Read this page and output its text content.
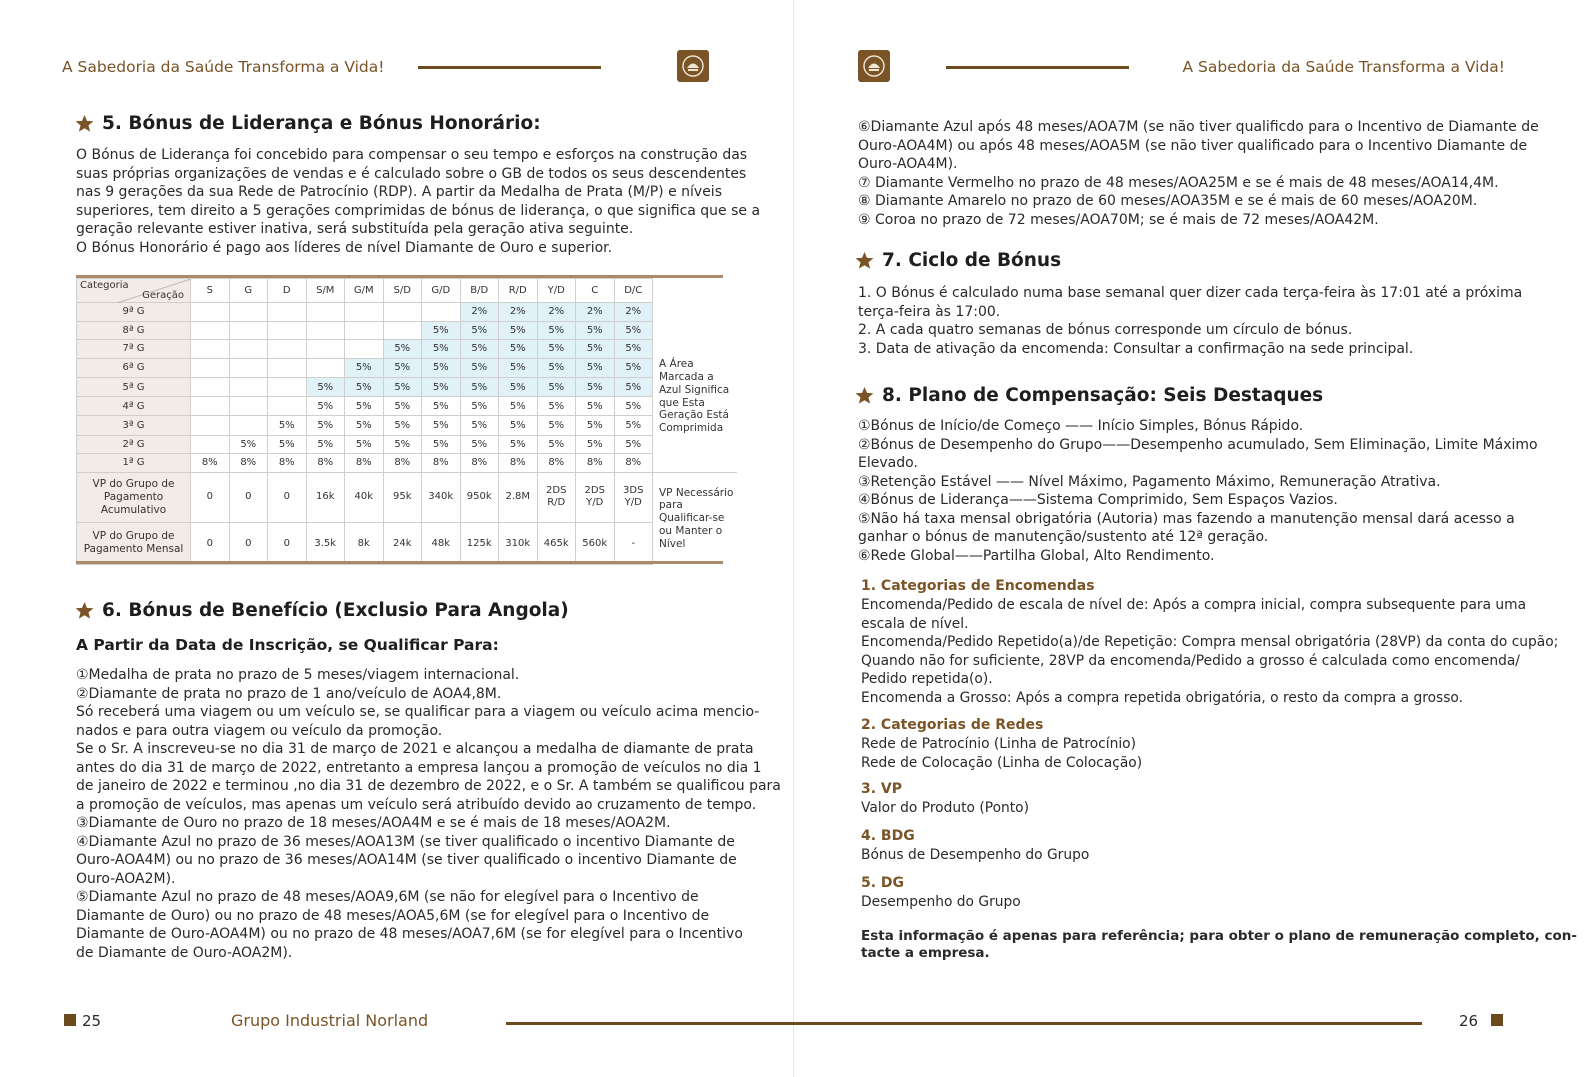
A Sabedoria da Saúde Transforma a Vida!
5. Bónus de Liderança e Bónus Honorário:
O Bónus de Liderança foi concebido para compensar o seu tempo e esforços na construção das
suas próprias organizações de vendas e é calculado sobre o GB de todos os seus descendentes
nas 9 gerações da sua Rede de Patrocínio (RDP). A partir da Medalha de Prata (M/P) e níveis
superiores, tem direito a 5 gerações comprimidas de bónus de liderança, o que significa que se a
geração relevante estiver inativa, será substituída pela geração ativa seguinte.
O Bónus Honorário é pago aos líderes de nível Diamante de Ouro e superior.
Categoria
Geração	S	G	D	S/M	G/M	S/D	G/D	B/D	R/D	Y/D	C	D/C	
9ª G								2%	2%	2%	2%	2%	
8ª G							5%	5%	5%	5%	5%	5%	
7ª G						5%	5%	5%	5%	5%	5%	5%	
6ª G					5%	5%	5%	5%	5%	5%	5%	5%	A Área Marcada a Azul Significa que Esta Geração Está Comprimida
5ª G				5%	5%	5%	5%	5%	5%	5%	5%	5%	
4ª G				5%	5%	5%	5%	5%	5%	5%	5%	5%	
3ª G			5%	5%	5%	5%	5%	5%	5%	5%	5%	5%	
2ª G		5%	5%	5%	5%	5%	5%	5%	5%	5%	5%	5%	
1ª G	8%	8%	8%	8%	8%	8%	8%	8%	8%	8%	8%	8%	
VP do Grupo de Pagamento Acumulativo	0	0	0	16k	40k	95k	340k	950k	2.8M	2DS R/D	2DS Y/D	3DS Y/D	VP Necessário para Qualificar-se ou Manter o Nível
VP do Grupo de Pagamento Mensal	0	0	0	3.5k	8k	24k	48k	125k	310k	465k	560k	-	
6. Bónus de Benefício (Exclusio Para Angola)
A Partir da Data de Inscrição, se Qualificar Para:
①Medalha de prata no prazo de 5 meses/viagem internacional.
②Diamante de prata no prazo de 1 ano/veículo de AOA4,8M.
Só receberá uma viagem ou um veículo se, se qualificar para a viagem ou veículo acima mencio-
nados e para outra viagem ou veículo da promoção.
Se o Sr. A inscreveu-se no dia 31 de março de 2021 e alcançou a medalha de diamante de prata
antes do dia 31 de março de 2022, entretanto a empresa lançou a promoção de veículos no dia 1
de janeiro de 2022 e terminou ,no dia 31 de dezembro de 2022, e o Sr. A também se qualificou para
a promoção de veículos, mas apenas um veículo será atribuído devido ao cruzamento de tempo.
③Diamante de Ouro no prazo de 18 meses/AOA4M e se é mais de 18 meses/AOA2M.
④Diamante Azul no prazo de 36 meses/AOA13M (se tiver qualificado o incentivo Diamante de
Ouro-AOA4M) ou no prazo de 36 meses/AOA14M (se tiver qualificado o incentivo Diamante de
Ouro-AOA2M).
⑤Diamante Azul no prazo de 48 meses/AOA9,6M (se não for elegível para o Incentivo de
Diamante de Ouro) ou no prazo de 48 meses/AOA5,6M (se for elegível para o Incentivo de
Diamante de Ouro-AOA4M) ou no prazo de 48 meses/AOA7,6M (se for elegível para o Incentivo
de Diamante de Ouro-AOA2M).
25	Grupo Industrial Norland
A Sabedoria da Saúde Transforma a Vida!
⑥Diamante Azul após 48 meses/AOA7M (se não tiver qualificdo para o Incentivo de Diamante de
Ouro-AOA4M) ou após 48 meses/AOA5M (se não tiver qualificado para o Incentivo Diamante de
Ouro-AOA4M).
⑦ Diamante Vermelho no prazo de 48 meses/AOA25M e se é mais de 48 meses/AOA14,4M.
⑧ Diamante Amarelo no prazo de 60 meses/AOA35M e se é mais de 60 meses/AOA20M.
⑨ Coroa no prazo de 72 meses/AOA70M; se é mais de 72 meses/AOA42M.
7. Ciclo de Bónus
1. O Bónus é calculado numa base semanal quer dizer cada terça-feira às 17:01 até a próxima
terça-feira às 17:00.
2. A cada quatro semanas de bónus corresponde um círculo de bónus.
3. Data de ativação da encomenda: Consultar a confirmação na sede principal.
8. Plano de Compensação: Seis Destaques
①Bónus de Início/de Começo —— Início Simples, Bónus Rápido.
②Bónus de Desempenho do Grupo——Desempenho acumulado, Sem Eliminação, Limite Máximo
Elevado.
③Retenção Estável —— Nível Máximo, Pagamento Máximo, Remuneração Atrativa.
④Bónus de Liderança——Sistema Comprimido, Sem Espaços Vazios.
⑤Não há taxa mensal obrigatória (Autoria) mas fazendo a manutenção mensal dará acesso a
ganhar o bónus de manutenção/sustento até 12ª geração.
⑥Rede Global——Partilha Global, Alto Rendimento.
1. Categorias de Encomendas
Encomenda/Pedido de escala de nível de: Após a compra inicial, compra subsequente para uma
escala de nível.
Encomenda/Pedido Repetido(a)/de Repetição: Compra mensal obrigatória (28VP) da conta do cupão;
Quando não for suficiente, 28VP da encomenda/Pedido a grosso é calculada como encomenda/
Pedido repetida(o).
Encomenda a Grosso: Após a compra repetida obrigatória, o resto da compra a grosso.
2. Categorias de Redes
Rede de Patrocínio (Linha de Patrocínio)
Rede de Colocação (Linha de Colocação)
3. VP
Valor do Produto (Ponto)
4. BDG
Bónus de Desempenho do Grupo
5. DG
Desempenho do Grupo
Esta informação é apenas para referência; para obter o plano de remuneração completo, con-
tacte a empresa.
26
